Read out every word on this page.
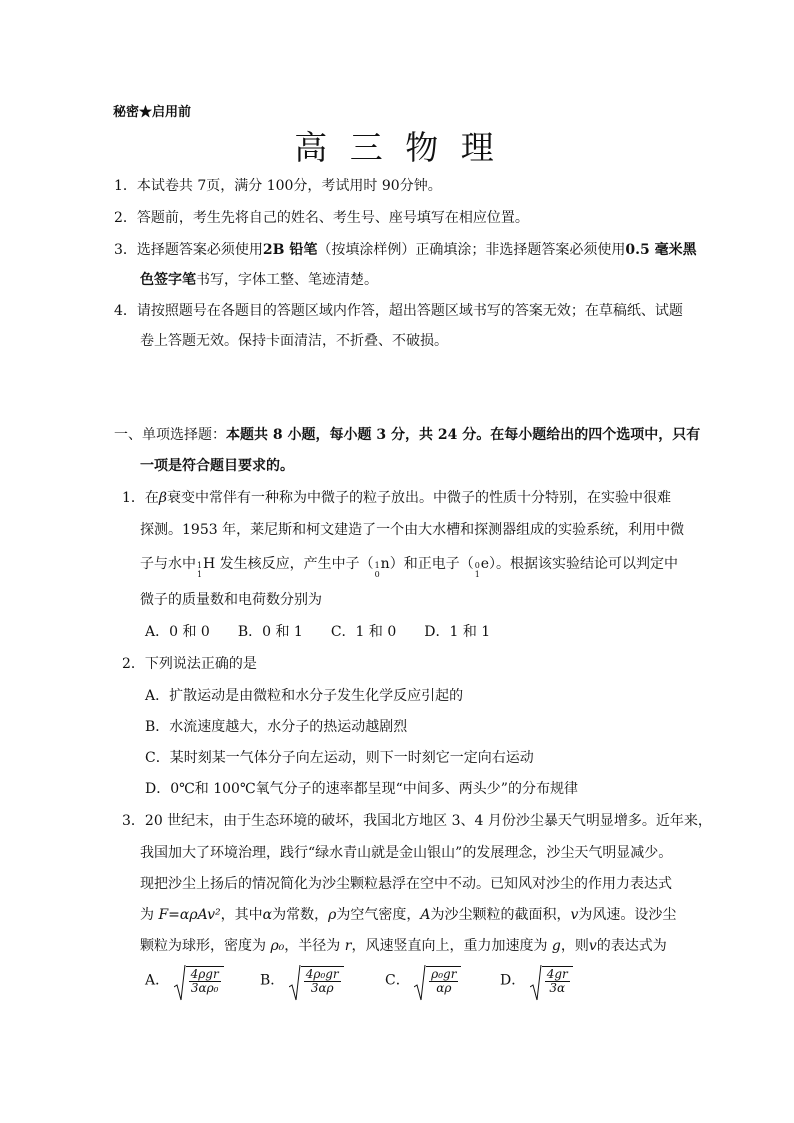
秘密★启用前
高 三 物 理
1．本试卷共 7页，满分 100分，考试用时 90分钟。
2．答题前，考生先将自己的姓名、考生号、座号填写在相应位置。
3．选择题答案必须使用2B 铅笔（按填涂样例）正确填涂；非选择题答案必须使用0.5 毫米黑
色签字笔书写，字体工整、笔迹清楚。
4．请按照题号在各题目的答题区域内作答，超出答题区域书写的答案无效；在草稿纸、试题
卷上答题无效。保持卡面清洁，不折叠、不破损。
一、单项选择题：本题共 8 小题，每小题 3 分，共 24 分。在每小题给出的四个选项中，只有
一项是符合题目要求的。
1．在β衰变中常伴有一种称为中微子的粒子放出。中微子的性质十分特别，在实验中很难
探测。1953 年，莱尼斯和柯文建造了一个由大水槽和探测器组成的实验系统，利用中微
子与水中 1
1
H 发生核反应，产生中子（ 1
0
n）和正电子（ 0
1
e）。根据该实验结论可以判定中
微子的质量数和电荷数分别为
A．0 和 0　　B．0 和 1　　C．1 和 0　　D．1 和 1
2．下列说法正确的是
A．扩散运动是由微粒和水分子发生化学反应引起的
B．水流速度越大，水分子的热运动越剧烈
C．某时刻某一气体分子向左运动，则下一时刻它一定向右运动
D．0℃和 100℃氧气分子的速率都呈现“中间多、两头少”的分布规律
3．20 世纪末，由于生态环境的破坏，我国北方地区 3、4 月份沙尘暴天气明显增多。近年来，
我国加大了环境治理，践行“绿水青山就是金山银山”的发展理念，沙尘天气明显减少。
现把沙尘上扬后的情况简化为沙尘颗粒悬浮在空中不动。已知风对沙尘的作用力表达式
为 F=αρAv²，其中α为常数，ρ为空气密度，A为沙尘颗粒的截面积，v为风速。设沙尘
颗粒为球形，密度为 ρ₀，半径为 r，风速竖直向上，重力加速度为 g，则v的表达式为
A． $\frac{\text{4ρgr}}{\text{3αρ₀}}$	B． $\frac{\text{4ρ₀gr}}{3\alpha\rho}$	C． $\frac{\text{ρ₀gr}}{\alpha\rho}$	D． $\frac{4gr}{3\alpha}$
